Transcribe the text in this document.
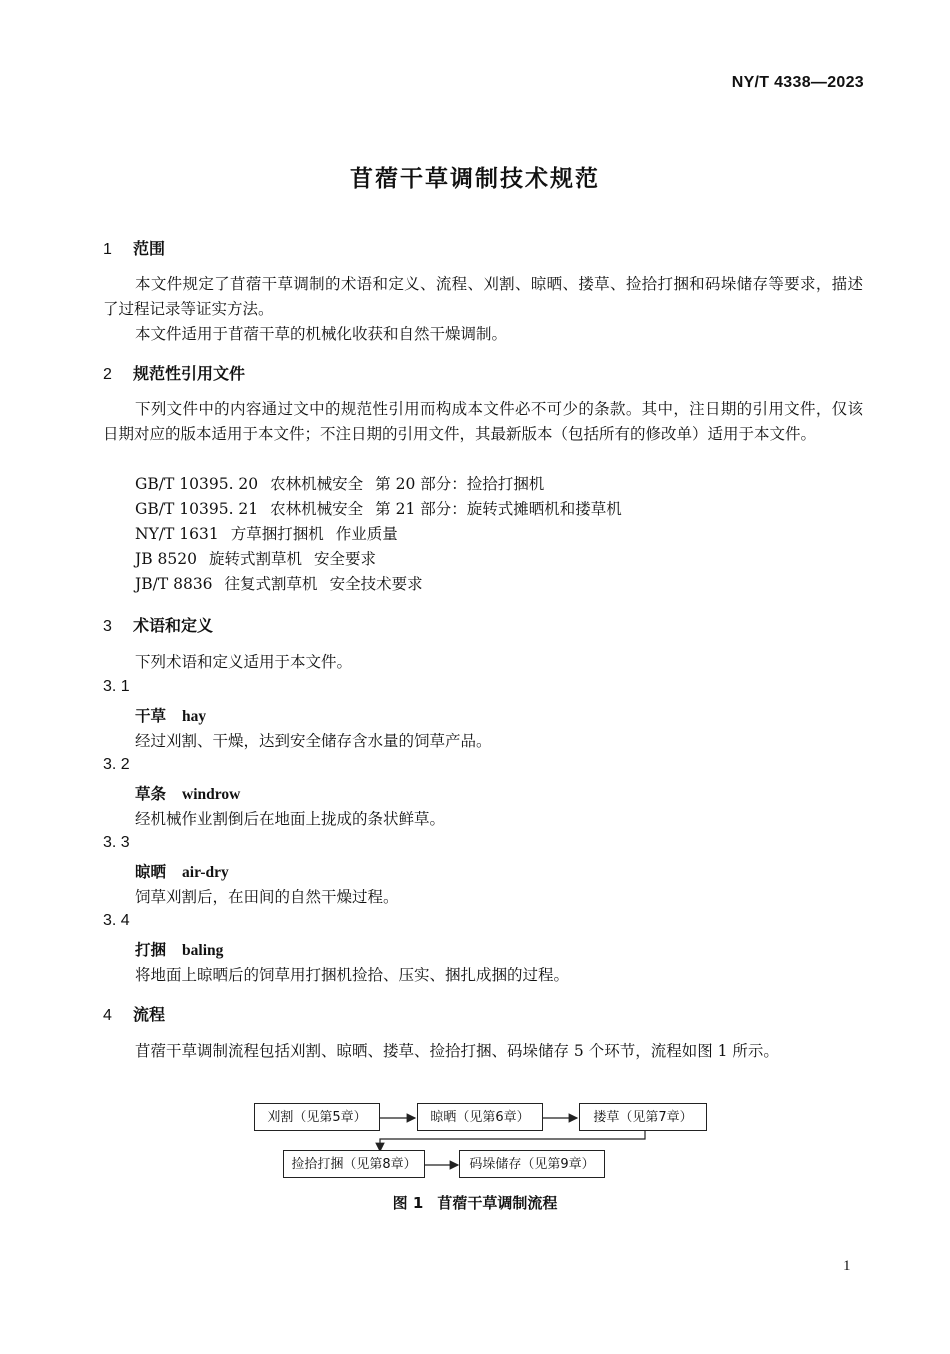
NY/T 4338—2023
苜蓿干草调制技术规范
1 范围
本文件规定了苜蓿干草调制的术语和定义、流程、刈割、晾晒、搂草、捡拾打捆和码垛储存等要求，描述了过程记录等证实方法。
本文件适用于苜蓿干草的机械化收获和自然干燥调制。
2 规范性引用文件
下列文件中的内容通过文中的规范性引用而构成本文件必不可少的条款。其中，注日期的引用文件，仅该日期对应的版本适用于本文件；不注日期的引用文件，其最新版本（包括所有的修改单）适用于本文件。
GB/T 10395. 20 农林机械安全 第 20 部分：捡拾打捆机
GB/T 10395. 21 农林机械安全 第 21 部分：旋转式摊晒机和搂草机
NY/T 1631 方草捆打捆机 作业质量
JB 8520 旋转式割草机 安全要求
JB/T 8836 往复式割草机 安全技术要求
3 术语和定义
下列术语和定义适用于本文件。
3. 1
干草 hay
经过刈割、干燥，达到安全储存含水量的饲草产品。
3. 2
草条 windrow
经机械作业割倒后在地面上拢成的条状鲜草。
3. 3
晾晒 air-dry
饲草刈割后，在田间的自然干燥过程。
3. 4
打捆 baling
将地面上晾晒后的饲草用打捆机捡拾、压实、捆扎成捆的过程。
4 流程
苜蓿干草调制流程包括刈割、晾晒、搂草、捡拾打捆、码垛储存 5 个环节，流程如图 1 所示。
刈割（见第5章）	晾晒（见第6章）	搂草（见第7章）
捡拾打捆（见第8章）	码垛储存（见第9章）
图 1 苜蓿干草调制流程
1
